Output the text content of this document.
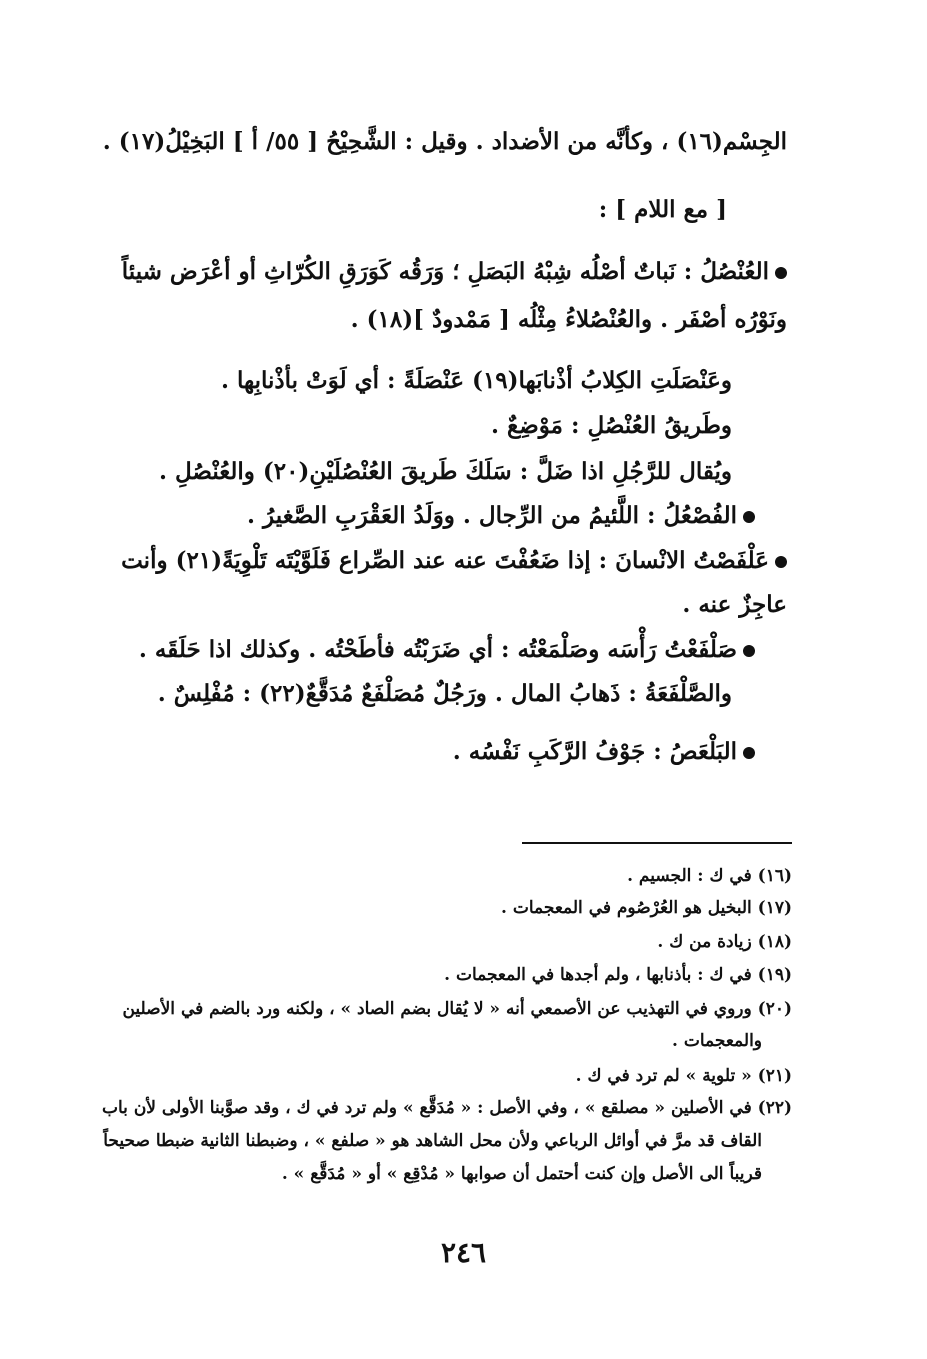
الجِسْم(١٦) ، وكأنَّه من الأضداد . وقيل : الشَّحِيْحُ [ ٥٥/ أ ] البَخِيْلُ(١٧) .
[ مع اللام ] :
العُنْصُلُ : نَباتٌ أصْلُه شِبْهُ البَصَلِ ؛ وَرَقُه كَوَرَقِ الكُرّاثِ أو أعْرَض شيئاً
ونَوْرُه أصْفَر . والعُنْصُلاءُ مِثْلُه [ مَمْدودٌ ](١٨) .
وعَنْصَلَتِ الكِلابُ أذْنابَها(١٩) عَنْصَلَةً : أي لَوَتْ بأذْنابِها .
وطَريقُ العُنْصُلِ : مَوْضِعٌ .
ويُقال للرَّجُلِ اذا ضَلَّ : سَلَكَ طَريقَ العُنْصُلَيْنِ(٢٠) والعُنْصُلِ .
الفُصْعُلُ : اللَّئيمُ من الرِّجال . ووَلَدُ العَقْرَبِ الصَّغيرُ .
عَلْفَصْتُ الانْسانَ : إذا ضَعُفْتَ عنه عند الصِّراع فَلَوَّيْتَه تَلْوِيَةً(٢١) وأنت
عاجِزٌ عنه .
صَلْفَعْتُ رَأْسَه وصَلْمَعْتُه : أي ضَرَبْتُه فأطَحْتُه . وكذلك اذا حَلَقَه .
والصَّلْفَعَةُ : ذَهابُ المال . ورَجُلٌ مُصَلْفَعٌ مُدَقَّعٌ(٢٢) : مُفْلِسٌ .
البَلْعَصُ : جَوْفُ الرَّكَبِ نَفْسُه .
(١٦) في ك : الجسيم .
(١٧) البخيل هو العُرْصُوم في المعجمات .
(١٨) زيادة من ك .
(١٩) في ك : بأذنابها ، ولم أجدها في المعجمات .
(٢٠) وروي في التهذيب عن الأصمعي أنه « لا يُقال بضم الصاد » ، ولكنه ورد بالضم في الأصلين
والمعجمات .
(٢١) « تلوية » لم ترد في ك .
(٢٢) في الأصلين « مصلقع » ، وفي الأصل : « مُدَقَّع » ولم ترد في ك ، وقد صوَّبنا الأولى لأن باب
القاف قد مرَّ في أوائل الرباعي ولأن محل الشاهد هو « صلفع » ، وضبطنا الثانية ضبطا صحيحاً
قريباً الى الأصل وإن كنت أحتمل أن صوابها « مُدْقِع » أو « مُدَقَّع » .
٢٤٦
